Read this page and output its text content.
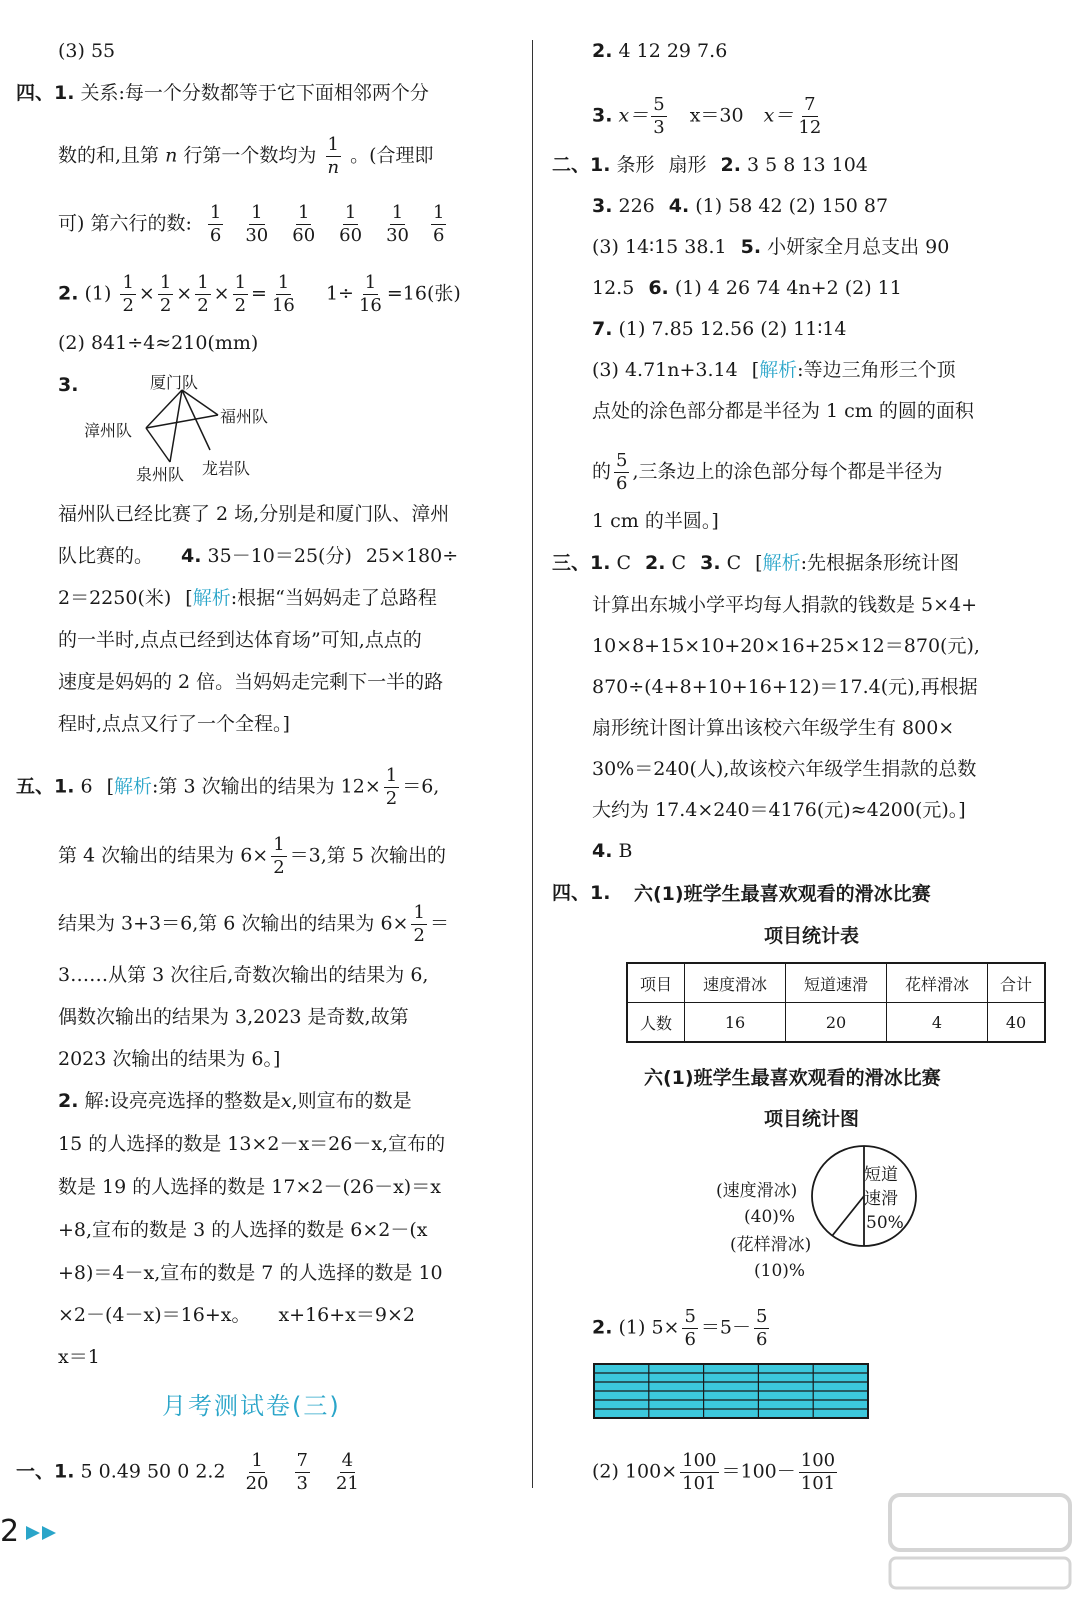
(3) 55
四、1. 关系:每一个分数都等于它下面相邻两个分
数的和,且第 n 行第一个数均为 $\frac{1}{n}$ 。(合理即
可) 第六行的数: $\frac{1}{6} \frac{1}{30} \frac{1}{60} \frac{1}{60} \frac{1}{30} \frac{1}{6}$
2. $(1) \frac{1}{2} \times \frac{1}{2} \times \frac{1}{2} \times \frac{1}{2} = \frac{1}{16} 1\div \frac{1}{16} =16$(张)
(2) 841÷4≈210(mm)
3.	厦门队
漳州队
福州队
泉州队 龙岩队
福州队已经比赛了 2 场,分别是和厦门队、漳州
队比赛的。 4. 35－10＝25(分) 25×180÷
2＝2250(米) [解析:根据“当妈妈走了总路程
的一半时,点点已经到达体育场”可知,点点的
速度是妈妈的 2 倍。当妈妈走完剩下一半的路
程时,点点又行了一个全程。]
五、1. 6 [解析:第 3 次输出的结果为 $12\times \frac{1}{2} =6$,
第 4 次输出的结果为 $6\times \frac{1}{2} =3$,第 5 次输出的
结果为 3+3＝6,第 6 次输出的结果为 $6\times \frac{1}{2}$ ＝
3……从第 3 次往后,奇数次输出的结果为 6,
偶数次输出的结果为 3,2023 是奇数,故第
2023 次输出的结果为 6。]
2. 解:设亮亮选择的整数是x,则宣布的数是
15 的人选择的数是 13×2－x＝26－x,宣布的
数是 19 的人选择的数是 17×2－(26－x)＝x
+8,宣布的数是 3 的人选择的数是 6×2－(x
+8)＝4－x,宣布的数是 7 的人选择的数是 10
×2－(4－x)＝16+x。 x+16+x＝9×2
x＝1
月考测试卷(三)
一、1. 5 0.49 50 0 $2.2 \frac{1}{20} \frac{7}{3} \frac{4}{21}$
2. 4 12 29 7.6
3. $x= \frac{5}{3} x=30$ $x= \frac{7}{12}$
二、1. 条形 扇形 2. 3 5 8 13 104
3. 226 4. (1) 58 42 (2) 150 87
(3) 14∶15 38.1 5. 小妍家全月总支出 90
12.5 6. (1) 4 26 74 4n+2 (2) 11
7. (1) 7.85 12.56 (2) 11∶14
(3) 4.71n+3.14 [解析:等边三角形三个顶
点处的涂色部分都是半径为 1 cm 的圆的面积
的 $\frac{5}{6}$ ,三条边上的涂色部分每个都是半径为
1 cm 的半圆。]
三、1. C 2. C 3. C [解析:先根据条形统计图
计算出东城小学平均每人捐款的钱数是 5×4+
10×8+15×10+20×16+25×12＝870(元),
870÷(4+8+10+16+12)＝17.4(元),再根据
扇形统计图计算出该校六年级学生有 800×
30%＝240(人),故该校六年级学生捐款的总数
大约为 17.4×240＝4176(元)≈4200(元)。]
4. B
四、1. 六(1)班学生最喜欢观看的滑冰比赛
项目统计表
六(1)班学生最喜欢观看的滑冰比赛
项目统计图
短道
速滑
50%
(速度滑冰)
(40)%
(花样滑冰)
(10)%
2. (1) $5\times \frac{5}{6} =5- \frac{5}{6}$
(2) $100\times \frac{100}{101} =100- \frac{100}{101}$
项目	速度滑冰	短道速滑	花样滑冰	合计
人数	16	20	4	40
2
